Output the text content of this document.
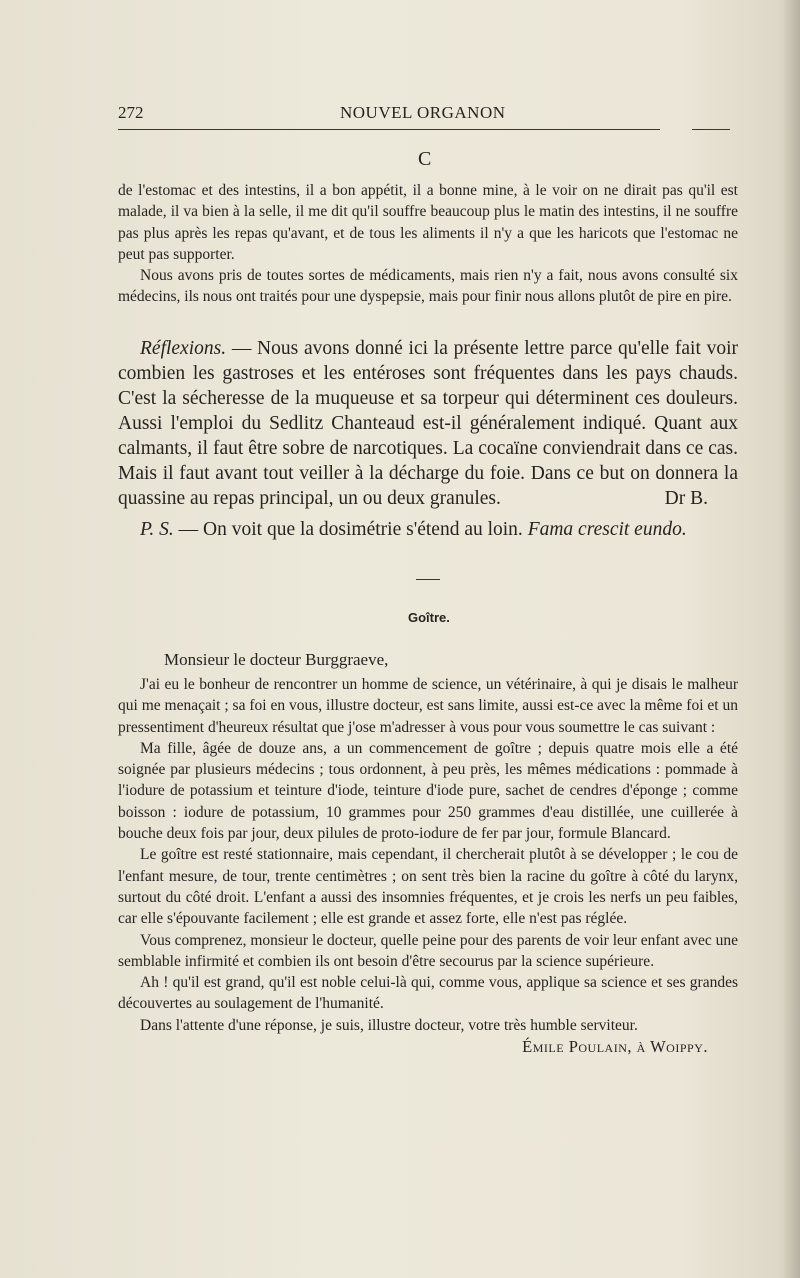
272	NOUVEL ORGANON
C

de l'estomac et des intestins, il a bon appétit, il a bonne mine, à le voir on ne dirait pas qu'il est malade, il va bien à la selle, il me dit qu'il souffre beaucoup plus le matin des intestins, il ne souffre pas plus après les repas qu'avant, et de tous les aliments il n'y a que les haricots que l'estomac ne peut pas supporter.

Nous avons pris de toutes sortes de médicaments, mais rien n'y a fait, nous avons consulté six médecins, ils nous ont traités pour une dyspepsie, mais pour finir nous allons plutôt de pire en pire.

Réflexions. — Nous avons donné ici la présente lettre parce qu'elle fait voir combien les gastroses et les entéroses sont fréquentes dans les pays chauds. C'est la sécheresse de la muqueuse et sa torpeur qui déterminent ces douleurs. Aussi l'emploi du Sedlitz Chanteaud est-il généralement indiqué. Quant aux calmants, il faut être sobre de narcotiques. La cocaïne conviendrait dans ce cas. Mais il faut avant tout veiller à la décharge du foie. Dans ce but on donnera la quassine au repas principal, un ou deux granules.	Dr B.

P. S. — On voit que la dosimétrie s'étend au loin. Fama crescit eundo.

Goître.
Monsieur le docteur Burggraeve,

J'ai eu le bonheur de rencontrer un homme de science, un vétérinaire, à qui je disais le malheur qui me menaçait ; sa foi en vous, illustre docteur, est sans limite, aussi est-ce avec la même foi et un pressentiment d'heureux résultat que j'ose m'adresser à vous pour vous soumettre le cas suivant :

Ma fille, âgée de douze ans, a un commencement de goître ; depuis quatre mois elle a été soignée par plusieurs médecins ; tous ordonnent, à peu près, les mêmes médications : pommade à l'iodure de potassium et teinture d'iode, teinture d'iode pure, sachet de cendres d'éponge ; comme boisson : iodure de potassium, 10 grammes pour 250 grammes d'eau distillée, une cuillerée à bouche deux fois par jour, deux pilules de proto-iodure de fer par jour, formule Blancard.

Le goître est resté stationnaire, mais cependant, il chercherait plutôt à se développer ; le cou de l'enfant mesure, de tour, trente centimètres ; on sent très bien la racine du goître à côté du larynx, surtout du côté droit. L'enfant a aussi des insomnies fréquentes, et je crois les nerfs un peu faibles, car elle s'épouvante facilement ; elle est grande et assez forte, elle n'est pas réglée.

Vous comprenez, monsieur le docteur, quelle peine pour des parents de voir leur enfant avec une semblable infirmité et combien ils ont besoin d'être secourus par la science supérieure.

Ah ! qu'il est grand, qu'il est noble celui-là qui, comme vous, applique sa science et ses grandes découvertes au soulagement de l'humanité.

Dans l'attente d'une réponse, je suis, illustre docteur, votre très humble serviteur.

Émile Poulain, à Woippy.
